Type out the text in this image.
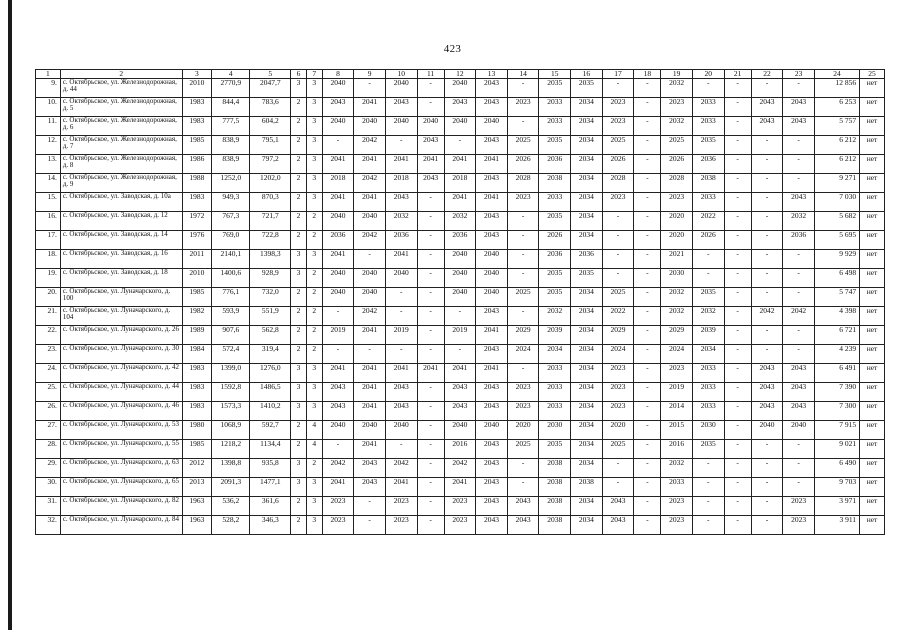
423
1	2	3	4	5	6	7	8	9	10	11	12	13	14	15	16	17	18	19	20	21	22	23	24	25
9.	с. Октябрьское, ул. Железнодорожная, д. 44	2010	2770,9	2047,7	3	3	2040	-	2040	-	2040	2043	-	2035	2035	-	-	2032	-	-	-	-	12 856	нет
10.	с. Октябрьское, ул. Железнодорожная, д. 5	1983	844,4	783,6	2	3	2043	2041	2043	-	2043	2043	2023	2033	2034	2023	-	2023	2033	-	2043	2043	6 253	нет
11.	с. Октябрьское, ул. Железнодорожная, д. 6	1983	777,5	604,2	2	3	2040	2040	2040	2040	2040	2040	-	2033	2034	2023	-	2032	2033	-	2043	2043	5 757	нет
12.	с. Октябрьское, ул. Железнодорожная, д. 7	1985	838,9	795,1	2	3	-	2042	-	2043	-	2043	2025	2035	2034	2025	-	2025	2035	-	-	-	6 212	нет
13.	с. Октябрьское, ул. Железнодорожная, д. 8	1986	838,9	797,2	2	3	2041	2041	2041	2041	2041	2041	2026	2036	2034	2026	-	2026	2036	-	-	-	6 212	нет
14.	с. Октябрьское, ул. Железнодорожная, д. 9	1988	1252,0	1202,0	2	3	2018	2042	2018	2043	2018	2043	2028	2038	2034	2028	-	2028	2038	-	-	-	9 271	нет
15.	с. Октябрьское, ул. Заводская, д. 10а	1983	949,3	870,3	2	3	2041	2041	2043	-	2041	2041	2023	2033	2034	2023	-	2023	2033	-	-	2043	7 030	нет
16.	с. Октябрьское, ул. Заводская, д. 12	1972	767,3	721,7	2	2	2040	2040	2032	-	2032	2043	-	2035	2034	-	-	2020	2022	-	-	2032	5 682	нет
17.	с. Октябрьское, ул. Заводская, д. 14	1976	769,0	722,8	2	2	2036	2042	2036	-	2036	2043	-	2026	2034	-	-	2020	2026	-	-	2036	5 695	нет
18.	с. Октябрьское, ул. Заводская, д. 16	2011	2140,1	1398,3	3	3	2041	-	2041	-	2040	2040	-	2036	2036	-	-	2021	-	-	-	-	9 929	нет
19.	с. Октябрьское, ул. Заводская, д. 18	2010	1400,6	928,9	3	2	2040	2040	2040	-	2040	2040	-	2035	2035	-	-	2030	-	-	-	-	6 498	нет
20.	с. Октябрьское, ул. Луначарского, д. 100	1985	776,1	732,0	2	2	2040	2040	-	-	2040	2040	2025	2035	2034	2025	-	2032	2035	-	-	-	5 747	нет
21.	с. Октябрьское, ул. Луначарского, д. 104	1982	593,9	551,9	2	2	-	2042	-	-	-	2043	-	2032	2034	2022	-	2032	2032	-	2042	2042	4 398	нет
22.	с. Октябрьское, ул. Луначарского, д. 26	1989	907,6	562,8	2	2	2019	2041	2019	-	2019	2041	2029	2039	2034	2029	-	2029	2039	-	-	-	6 721	нет
23.	с. Октябрьское, ул. Луначарского, д. 30	1984	572,4	319,4	2	2	-	-	-	-	-	2043	2024	2034	2034	2024	-	2024	2034	-	-	-	4 239	нет
24.	с. Октябрьское, ул. Луначарского, д. 42	1983	1399,0	1276,0	3	3	2041	2041	2041	2041	2041	2041	-	2033	2034	2023	-	2023	2033	-	2043	2043	6 491	нет
25.	с. Октябрьское, ул. Луначарского, д. 44	1983	1592,8	1486,5	3	3	2043	2041	2043	-	2043	2043	2023	2033	2034	2023	-	2019	2033	-	2043	2043	7 390	нет
26.	с. Октябрьское, ул. Луначарского, д. 46	1983	1573,3	1410,2	3	3	2043	2041	2043	-	2043	2043	2023	2033	2034	2023	-	2014	2033	-	2043	2043	7 300	нет
27.	с. Октябрьское, ул. Луначарского, д. 53	1980	1068,9	592,7	2	4	2040	2040	2040	-	2040	2040	2020	2030	2034	2020	-	2015	2030	-	2040	2040	7 915	нет
28.	с. Октябрьское, ул. Луначарского, д. 55	1985	1218,2	1134,4	2	4	-	2041	-	-	2016	2043	2025	2035	2034	2025	-	2016	2035	-	-	-	9 021	нет
29.	с. Октябрьское, ул. Луначарского, д. 63	2012	1398,8	935,8	3	2	2042	2043	2042	-	2042	2043	-	2038	2034	-	-	2032	-	-	-	-	6 490	нет
30.	с. Октябрьское, ул. Луначарского, д. 65	2013	2091,3	1477,1	3	3	2041	2043	2041	-	2041	2043	-	2038	2038	-	-	2033	-	-	-	-	9 703	нет
31.	с. Октябрьское, ул. Луначарского, д. 82	1963	536,2	361,6	2	3	2023	-	2023	-	2023	2043	2043	2038	2034	2043	-	2023	-	-	-	2023	3 971	нет
32.	с. Октябрьское, ул. Луначарского, д. 84	1963	528,2	346,3	2	3	2023	-	2023	-	2023	2043	2043	2038	2034	2043	-	2023	-	-	-	2023	3 911	нет
